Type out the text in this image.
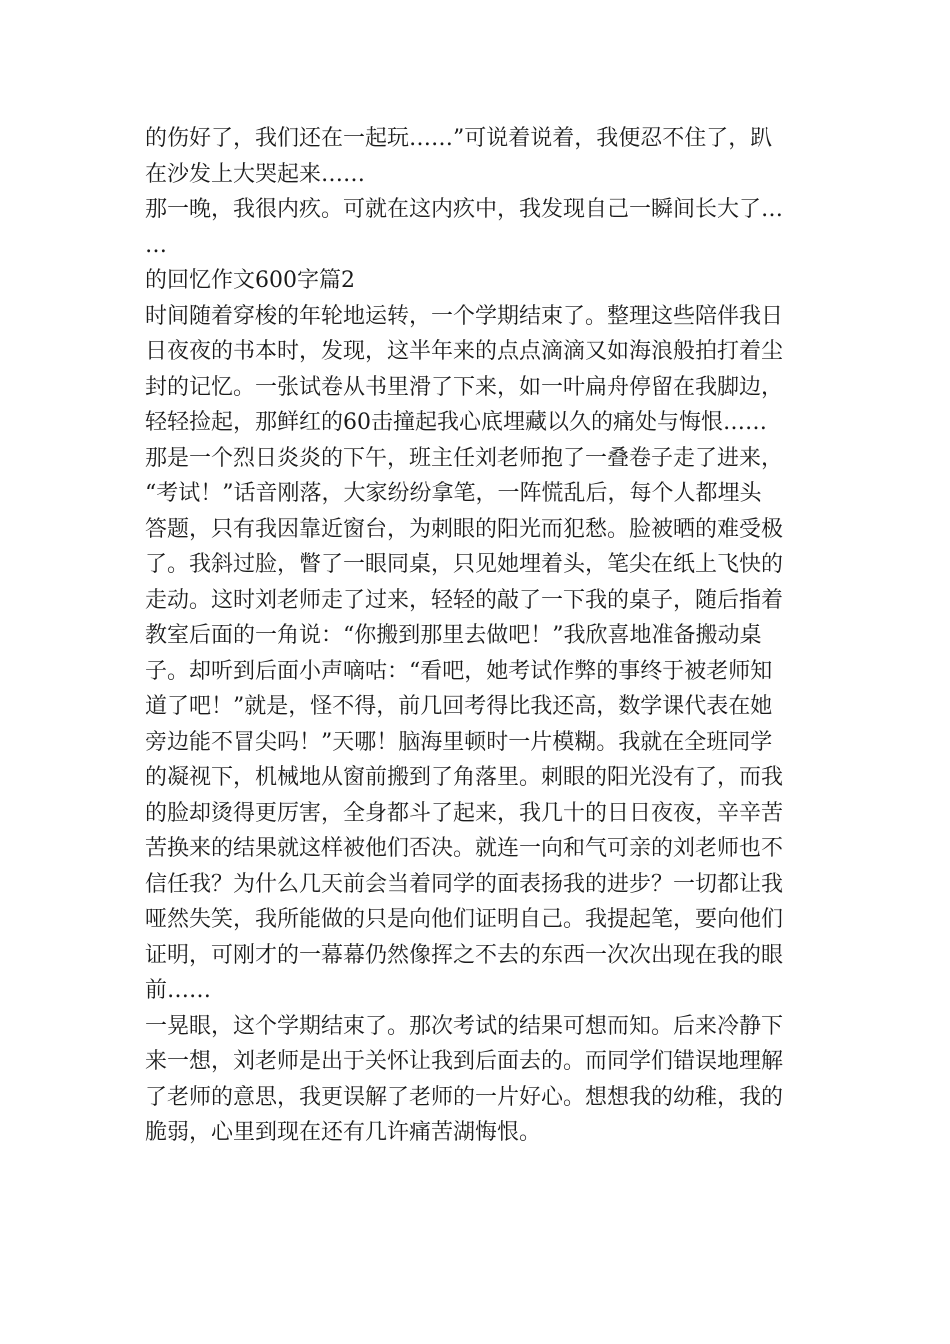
的伤好了，我们还在一起玩……”可说着说着，我便忍不住了，趴

在沙发上大哭起来……

那一晚，我很内疚。可就在这内疚中，我发现自己一瞬间长大了…

…

的回忆作文600字篇2

时间随着穿梭的年轮地运转，一个学期结束了。整理这些陪伴我日

日夜夜的书本时，发现，这半年来的点点滴滴又如海浪般拍打着尘

封的记忆。一张试卷从书里滑了下来，如一叶扁舟停留在我脚边，

轻轻捡起，那鲜红的60击撞起我心底埋藏以久的痛处与悔恨……

那是一个烈日炎炎的下午，班主任刘老师抱了一叠卷子走了进来，

“考试！”话音刚落，大家纷纷拿笔，一阵慌乱后，每个人都埋头

答题，只有我因靠近窗台，为刺眼的阳光而犯愁。脸被晒的难受极

了。我斜过脸，瞥了一眼同桌，只见她埋着头，笔尖在纸上飞快的

走动。这时刘老师走了过来，轻轻的敲了一下我的桌子，随后指着

教室后面的一角说：“你搬到那里去做吧！”我欣喜地准备搬动桌

子。却听到后面小声嘀咕：“看吧，她考试作弊的事终于被老师知

道了吧！”就是，怪不得，前几回考得比我还高，数学课代表在她

旁边能不冒尖吗！”天哪！脑海里顿时一片模糊。我就在全班同学

的凝视下，机械地从窗前搬到了角落里。刺眼的阳光没有了，而我

的脸却烫得更厉害，全身都斗了起来，我几十的日日夜夜，辛辛苦

苦换来的结果就这样被他们否决。就连一向和气可亲的刘老师也不

信任我？为什么几天前会当着同学的面表扬我的进步？一切都让我

哑然失笑，我所能做的只是向他们证明自己。我提起笔，要向他们

证明，可刚才的一幕幕仍然像挥之不去的东西一次次出现在我的眼

前……

一晃眼，这个学期结束了。那次考试的结果可想而知。后来冷静下

来一想，刘老师是出于关怀让我到后面去的。而同学们错误地理解

了老师的意思，我更误解了老师的一片好心。想想我的幼稚，我的

脆弱，心里到现在还有几许痛苦湖悔恨。
